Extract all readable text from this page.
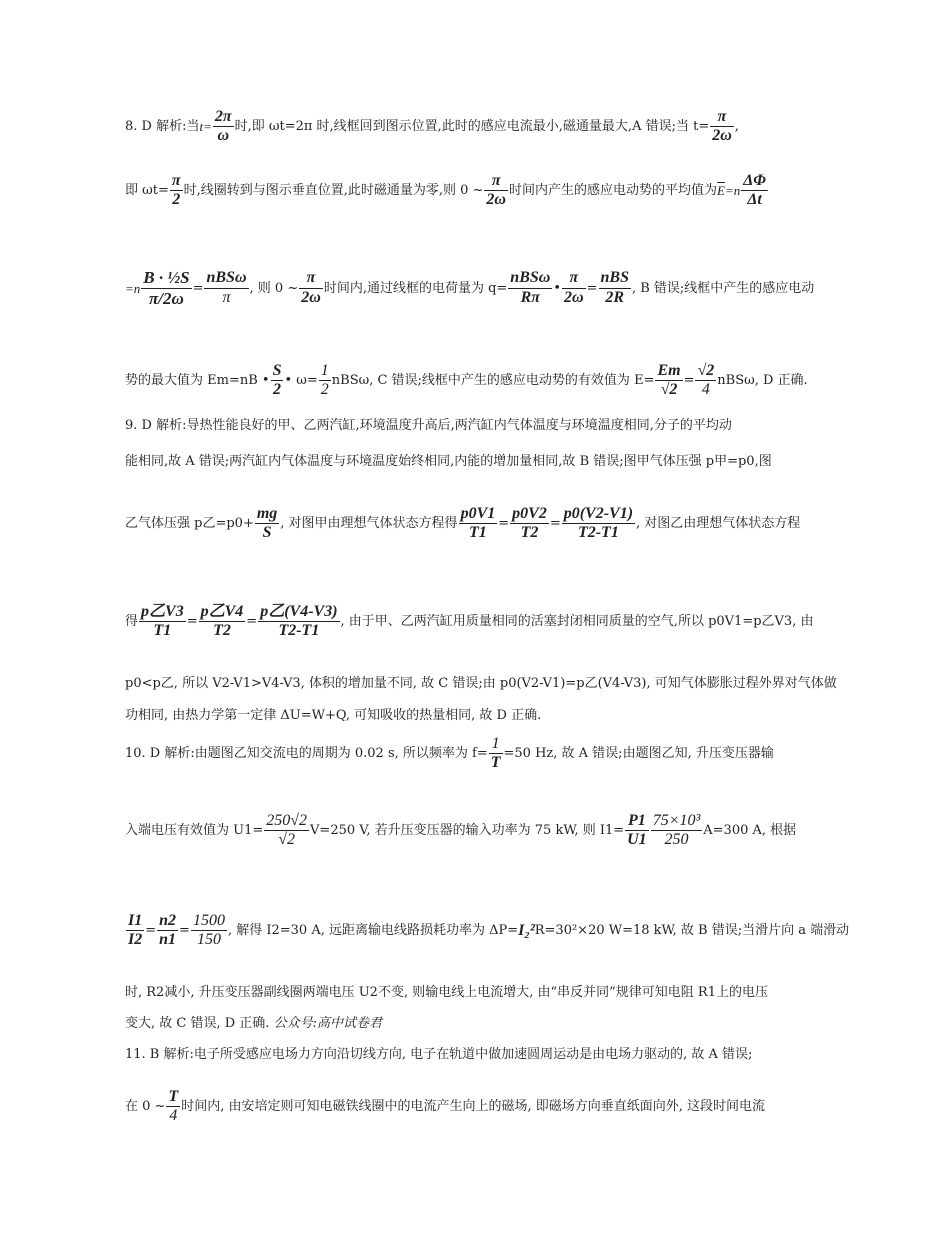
8. D 解析:当$t= \frac{2\pi}{\omega}$ 时,即 ωt=2π 时,线框回到图示位置,此时的感应电流最小,磁通量最大,A 错误;当 $t= \frac{\pi}{2\omega}$ ,
即 $\omega t= \frac{\pi}{2}$ 时,线圈转到与图示垂直位置,此时磁通量为零,则 0 ~ $\frac{\pi}{2\omega}$ 时间内产生的感应电动势的平均值为$\overline{E}=n \frac{\Delta\Phi}{\Delta t}$
$=n \frac{\text{B · ½S}}{\pi/2\omega} = \frac{\text{nBSω}}{\pi}$ , 则 0 ~ $\frac{\pi}{2\omega}$ 时间内,通过线框的电荷量为 $q= \frac{\text{nBSω}}{R\pi}$ • $\frac{\pi}{2\omega} = \frac{\text{nBS}}{2R}$ , B 错误;线框中产生的感应电动
势的最大值为 Em=nB • $\frac{S}{2}$ • $\omega= \frac{1}{2} nBS\omega$, C 错误;线框中产生的感应电动势的有效值为 $E= \frac{Em}{√2} = \frac{√2}{4} nBS\omega$, D 正确.
9. D 解析:导热性能良好的甲、乙两汽缸,环境温度升高后,两汽缸内气体温度与环境温度相同,分子的平均动
能相同,故 A 错误;两汽缸内气体温度与环境温度始终相同,内能的增加量相同,故 B 错误;图甲气体压强 p甲=p0,图
乙气体压强 p乙$=p0+ \frac{mg}{S}$ , 对图甲由理想气体状态方程得 $\frac{p0V1}{T1} = \frac{p0V2}{T2} = \frac{p0(V2-V1)}{T2-T1}$ , 对图乙由理想气体状态方程
得 $\frac{\text{p乙V3}}{T1} = \frac{\text{p乙V4}}{T2} = \frac{\text{p乙(V4-V3)}}{T2-T1}$ , 由于甲、乙两汽缸用质量相同的活塞封闭相同质量的空气,所以 p0V1=p乙V3, 由
p0<p乙, 所以 V2-V1>V4-V3, 体积的增加量不同, 故 C 错误;由 p0(V2-V1)=p乙(V4-V3), 可知气体膨胀过程外界对气体做
功相同, 由热力学第一定律 ΔU=W+Q, 可知吸收的热量相同, 故 D 正确.
10. D 解析:由题图乙知交流电的周期为 0.02 s, 所以频率为 $f= \frac{1}{T} =50$ Hz, 故 A 错误;由题图乙知, 升压变压器输
入端电压有效值为 $U1= \frac{250√2}{√2} V=250$ V, 若升压变压器的输入功率为 75 kW, 则 $I1= \frac{P1}{U1} \frac{\text{75×10³}}{250} A=300$ A, 根据
$\frac{I1}{I2} = \frac{n2}{n1} = \frac{1500}{150}$ , 解得 I2=30 A, 远距离输电线路损耗功率为 ΔP=I₂²R=30²×20 W=18 kW, 故 B 错误;当滑片向 a 端滑动
时, R2减小, 升压变压器副线圈两端电压 U2不变, 则输电线上电流增大, 由“串反并同”规律可知电阻 R1上的电压
变大, 故 C 错误, D 正确. 公众号:高中试卷君
11. B 解析:电子所受感应电场力方向沿切线方向, 电子在轨道中做加速圆周运动是由电场力驱动的, 故 A 错误;
在 0 ~ $\frac{T}{4}$ 时间内, 由安培定则可知电磁铁线圈中的电流产生向上的磁场, 即磁场方向垂直纸面向外, 这段时间电流
